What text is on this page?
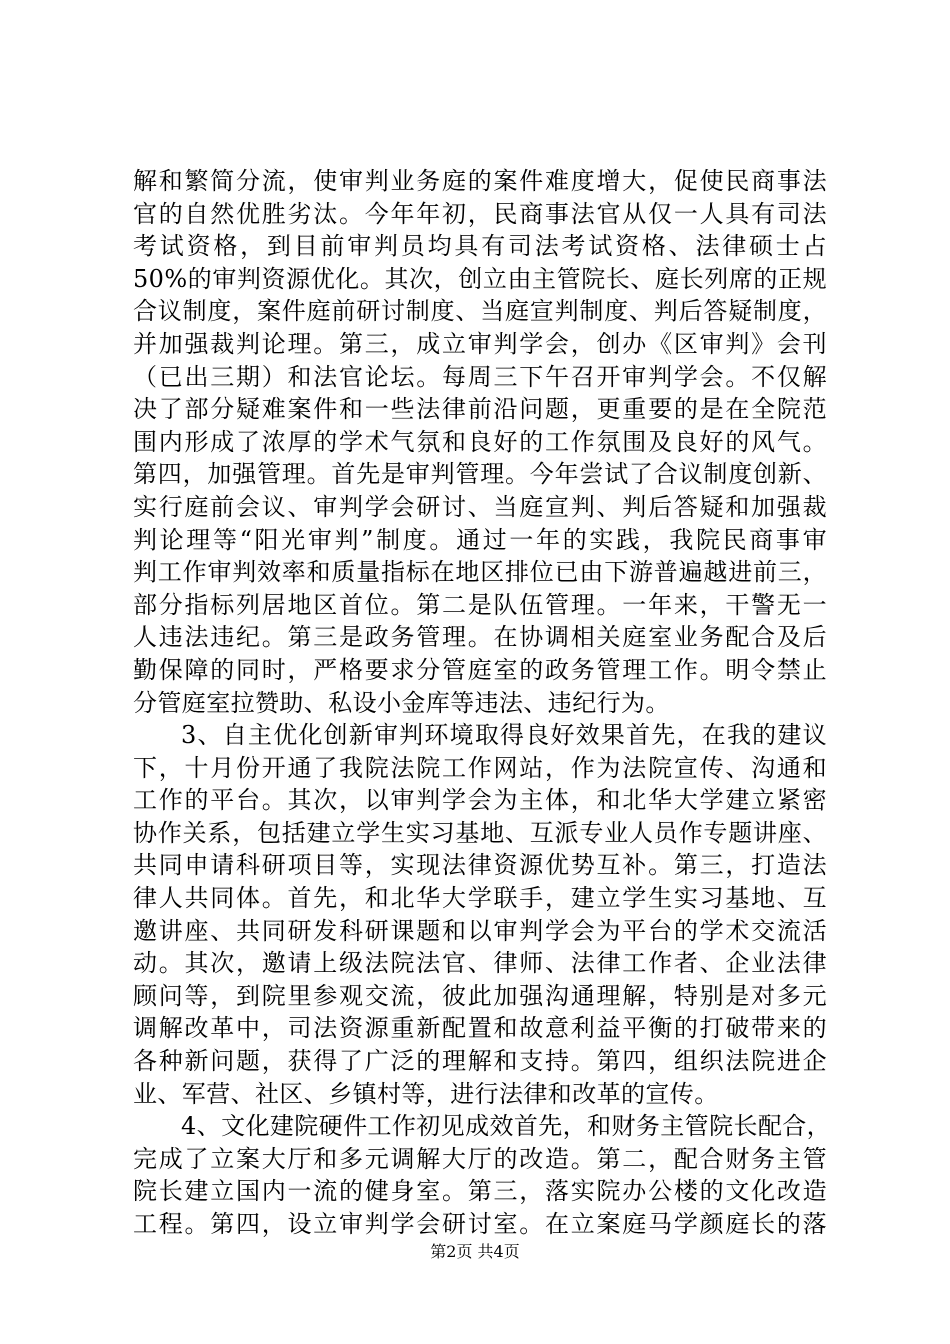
解和繁简分流，使审判业务庭的案件难度增大，促使民商事法
官的自然优胜劣汰。今年年初，民商事法官从仅一人具有司法
考试资格，到目前审判员均具有司法考试资格、法律硕士占
50%的审判资源优化。其次，创立由主管院长、庭长列席的正规
合议制度，案件庭前研讨制度、当庭宣判制度、判后答疑制度，
并加强裁判论理。第三，成立审判学会，创办《区审判》会刊
（已出三期）和法官论坛。每周三下午召开审判学会。不仅解
决了部分疑难案件和一些法律前沿问题，更重要的是在全院范
围内形成了浓厚的学术气氛和良好的工作氛围及良好的风气。
第四，加强管理。首先是审判管理。今年尝试了合议制度创新、
实行庭前会议、审判学会研讨、当庭宣判、判后答疑和加强裁
判论理等“阳光审判”制度。通过一年的实践，我院民商事审
判工作审判效率和质量指标在地区排位已由下游普遍越进前三，
部分指标列居地区首位。第二是队伍管理。一年来，干警无一
人违法违纪。第三是政务管理。在协调相关庭室业务配合及后
勤保障的同时，严格要求分管庭室的政务管理工作。明令禁止
分管庭室拉赞助、私设小金库等违法、违纪行为。
3、自主优化创新审判环境取得良好效果首先，在我的建议
下，十月份开通了我院法院工作网站，作为法院宣传、沟通和
工作的平台。其次，以审判学会为主体，和北华大学建立紧密
协作关系，包括建立学生实习基地、互派专业人员作专题讲座、
共同申请科研项目等，实现法律资源优势互补。第三，打造法
律人共同体。首先，和北华大学联手，建立学生实习基地、互
邀讲座、共同研发科研课题和以审判学会为平台的学术交流活
动。其次，邀请上级法院法官、律师、法律工作者、企业法律
顾问等，到院里参观交流，彼此加强沟通理解，特别是对多元
调解改革中，司法资源重新配置和故意利益平衡的打破带来的
各种新问题，获得了广泛的理解和支持。第四，组织法院进企
业、军营、社区、乡镇村等，进行法律和改革的宣传。
4、文化建院硬件工作初见成效首先，和财务主管院长配合，
完成了立案大厅和多元调解大厅的改造。第二，配合财务主管
院长建立国内一流的健身室。第三，落实院办公楼的文化改造
工程。第四，设立审判学会研讨室。在立案庭马学颜庭长的落
第2页 共4页
